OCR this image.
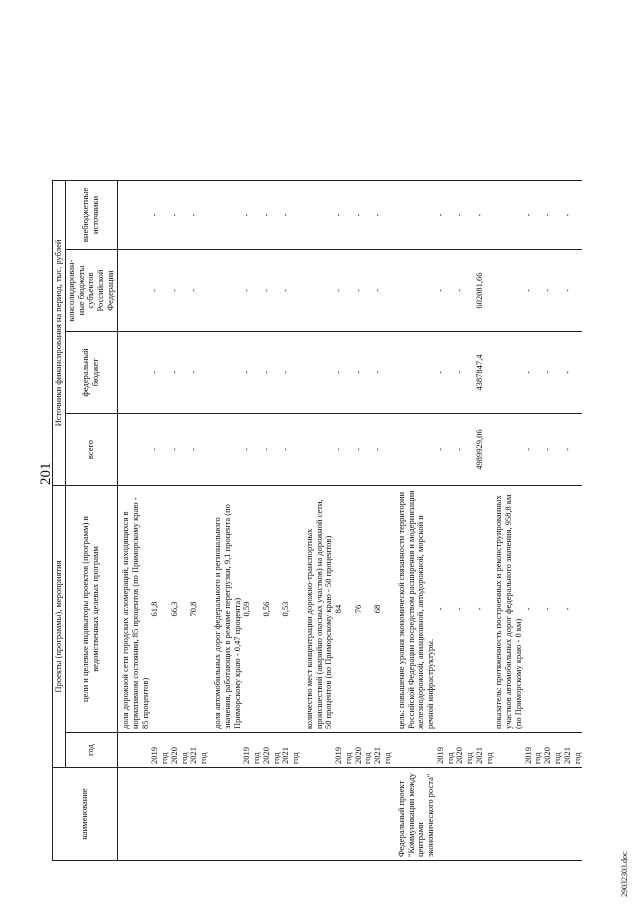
201
наименование	Проекты (программы), мероприятия		Источники финансирования на период, тыс. рублей			
	год	цели и целевые индикаторы проектов (программ) и ведомственных целевых программ	всего	федеральный бюджет	консолидирован-ные бюджеты субъектов Российской Федерации	внебюджетные источники

		доля дорожной сети городских агломераций, находящихся в нормативном состоянии, 85 процентов (по Приморскому краю - 85 процентов)				
	2019 год	61,8	-	-	-	-
	2020 год	66,3	-	-	-	-
	2021 год	70,8	-	-	-	-

		доля автомобильных дорог федерального и регионального значения, работающих в режиме перегрузки, 9,1 процента (по Приморскому краю - 0,47 процента)				
	2019 год	0,59	-	-	-	-
	2020 год	0,56	-	-	-	-
	2021 год	0,53	-	-	-	-

		количество мест концентрации дорожно-транспортных происшествий (аварийно опасных участков) на дорожной сети, 50 процентов (по Приморскому краю - 50 процентов)				
	2019 год	84	-	-	-	-
	2020 год	76	-	-	-	-
	2021 год	68	-	-	-	-

Федеральный проект "Коммуникации между центрами экономического роста"		цель: повышение уровня экономической связанности территории Российской Федерации посредством расширения и модернизации железнодорожной, авиационной, автодорожной, морской и речной инфраструктуры.				
	2019 год	-	-	-	-	-
	2020 год	-	-	-	-	-
	2021 год	-	4989929,06	4387847,4	602081,66	-
		показатель: протяженность построенных и реконструированных участков автомобильных дорог федерального значения, 958,8 км (по Приморскому краю - 0 км)				
	2019 год	-	-	-	-	-
	2020 год	-	-	-	-	-
	2021 год	-	-	-	-	-
29032303.doc
